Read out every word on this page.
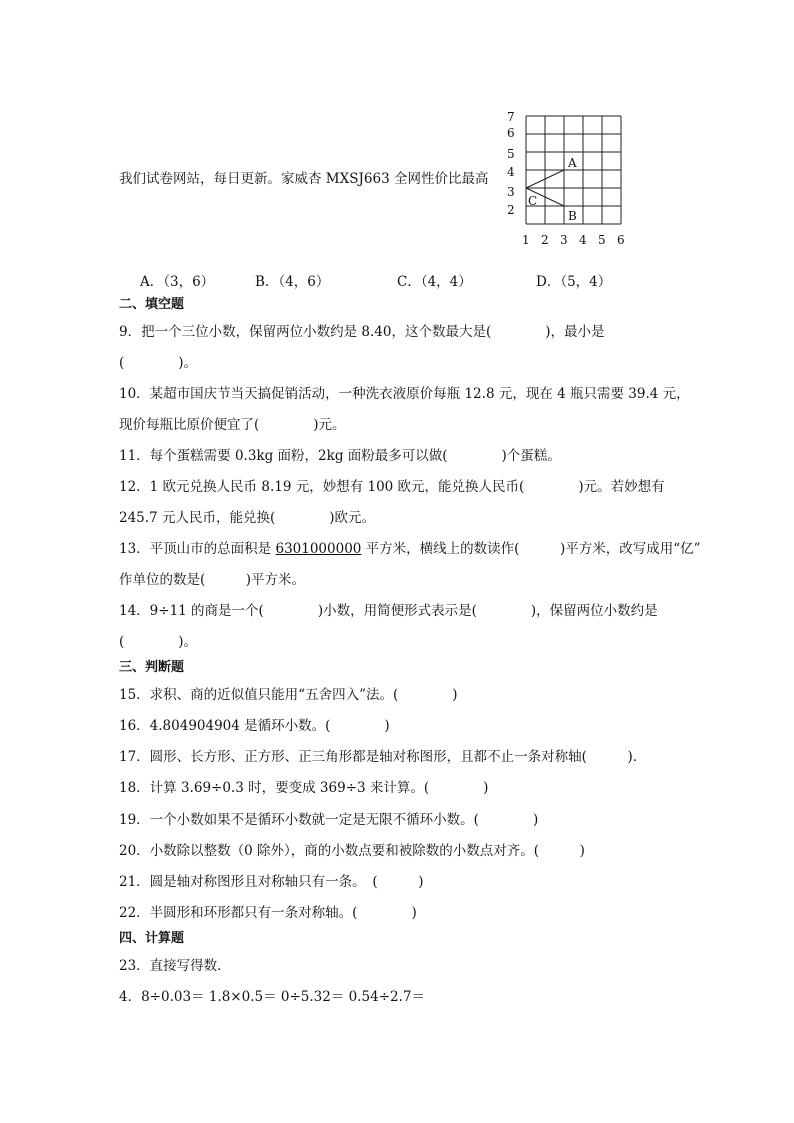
我们试卷网站，每日更新。家威杏 MXSJ663 全网性价比最高
7
6
5
4
3
2
1 2 3 4 5 6
A
B
C
A．（3，6）	B．（4，6）	C．（4，4）	D．（5，4）
二、填空题
9．把一个三位小数，保留两位小数约是 8.40，这个数最大是(　　　　)，最小是
(　　　　)。
10．某超市国庆节当天搞促销活动，一种洗衣液原价每瓶 12.8 元，现在 4 瓶只需要 39.4 元，
现价每瓶比原价便宜了(　　　　)元。
11．每个蛋糕需要 0.3kg 面粉，2kg 面粉最多可以做(　　　　)个蛋糕。
12．1 欧元兑换人民币 8.19 元，妙想有 100 欧元，能兑换人民币(　　　　)元。若妙想有
245.7 元人民币，能兑换(　　　　)欧元。
13．平顶山市的总面积是 6301000000 平方米，横线上的数读作(　　　)平方米，改写成用“亿”
作单位的数是(　　　)平方米。
14．9÷11 的商是一个(　　　　)小数，用简便形式表示是(　　　　)，保留两位小数约是
(　　　　)。
三、判断题
15．求积、商的近似值只能用“五舍四入”法。(　　　　)
16．4.804904904 是循环小数。(　　　　)
17．圆形、长方形、正方形、正三角形都是轴对称图形，且都不止一条对称轴(　　　)．
18．计算 3.69÷0.3 时，要变成 369÷3 来计算。(　　　　)
19．一个小数如果不是循环小数就一定是无限不循环小数。(　　　　)
20．小数除以整数（0 除外），商的小数点要和被除数的小数点对齐。(　　　)
21．圆是轴对称图形且对称轴只有一条。　(　　　)
22．半圆形和环形都只有一条对称轴。(　　　　)
四、计算题
23．直接写得数．
4．8÷0.03＝ 1.8×0.5＝ 0÷5.32＝ 0.54÷2.7＝
